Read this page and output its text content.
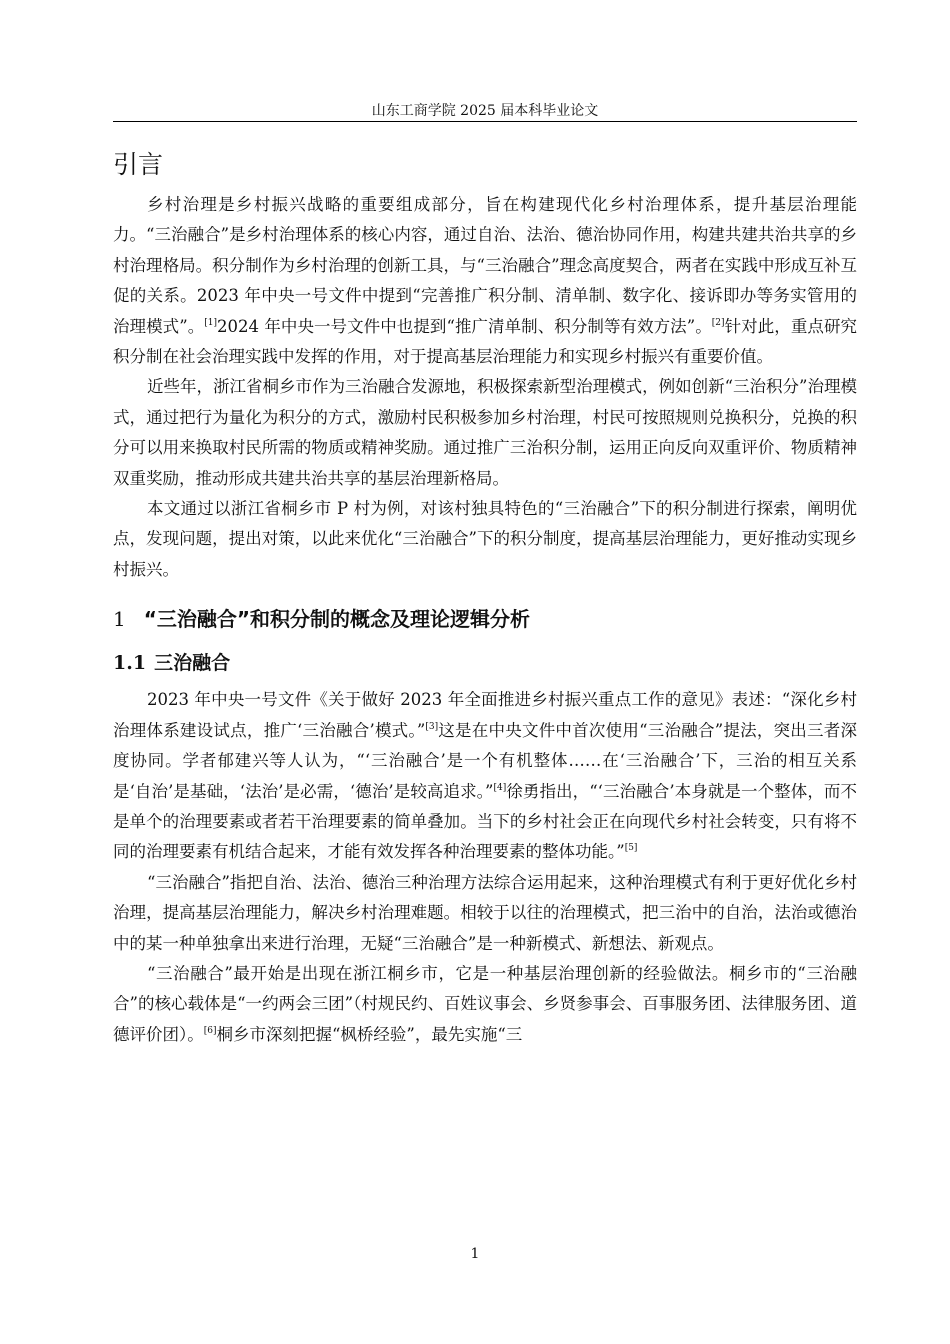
山东工商学院 2025 届本科毕业论文
引言

乡村治理是乡村振兴战略的重要组成部分，旨在构建现代化乡村治理体系，提升基层治理能力。“三治融合”是乡村治理体系的核心内容，通过自治、法治、德治协同作用，构建共建共治共享的乡村治理格局。积分制作为乡村治理的创新工具，与“三治融合”理念高度契合，两者在实践中形成互补互促的关系。2023 年中央一号文件中提到“完善推广积分制、清单制、数字化、接诉即办等务实管用的治理模式”。[1]2024 年中央一号文件中也提到“推广清单制、积分制等有效方法”。[2]针对此，重点研究积分制在社会治理实践中发挥的作用，对于提高基层治理能力和实现乡村振兴有重要价值。

近些年，浙江省桐乡市作为三治融合发源地，积极探索新型治理模式，例如创新“三治积分”治理模式，通过把行为量化为积分的方式，激励村民积极参加乡村治理，村民可按照规则兑换积分，兑换的积分可以用来换取村民所需的物质或精神奖励。通过推广三治积分制，运用正向反向双重评价、物质精神双重奖励，推动形成共建共治共享的基层治理新格局。

本文通过以浙江省桐乡市 P 村为例，对该村独具特色的“三治融合”下的积分制进行探索，阐明优点，发现问题，提出对策，以此来优化“三治融合”下的积分制度，提高基层治理能力，更好推动实现乡村振兴。

1 “三治融合”和积分制的概念及理论逻辑分析
1.1 三治融合

2023 年中央一号文件《关于做好 2023 年全面推进乡村振兴重点工作的意见》表述：“深化乡村治理体系建设试点，推广‘三治融合’模式。”[3]这是在中央文件中首次使用“三治融合”提法，突出三者深度协同。学者郁建兴等人认为，“‘三治融合’是一个有机整体……在‘三治融合’下，三治的相互关系是‘自治’是基础，‘法治’是必需，‘德治’是较高追求。”[4]徐勇指出，“‘三治融合’本身就是一个整体，而不是单个的治理要素或者若干治理要素的简单叠加。当下的乡村社会正在向现代乡村社会转变，只有将不同的治理要素有机结合起来，才能有效发挥各种治理要素的整体功能。”[5]

“三治融合”指把自治、法治、德治三种治理方法综合运用起来，这种治理模式有利于更好优化乡村治理，提高基层治理能力，解决乡村治理难题。相较于以往的治理模式，把三治中的自治，法治或德治中的某一种单独拿出来进行治理，无疑“三治融合”是一种新模式、新想法、新观点。

“三治融合”最开始是出现在浙江桐乡市，它是一种基层治理创新的经验做法。桐乡市的“三治融合”的核心载体是“一约两会三团”（村规民约、百姓议事会、乡贤参事会、百事服务团、法律服务团、道德评价团）。[6]桐乡市深刻把握“枫桥经验”，最先实施“三

1
